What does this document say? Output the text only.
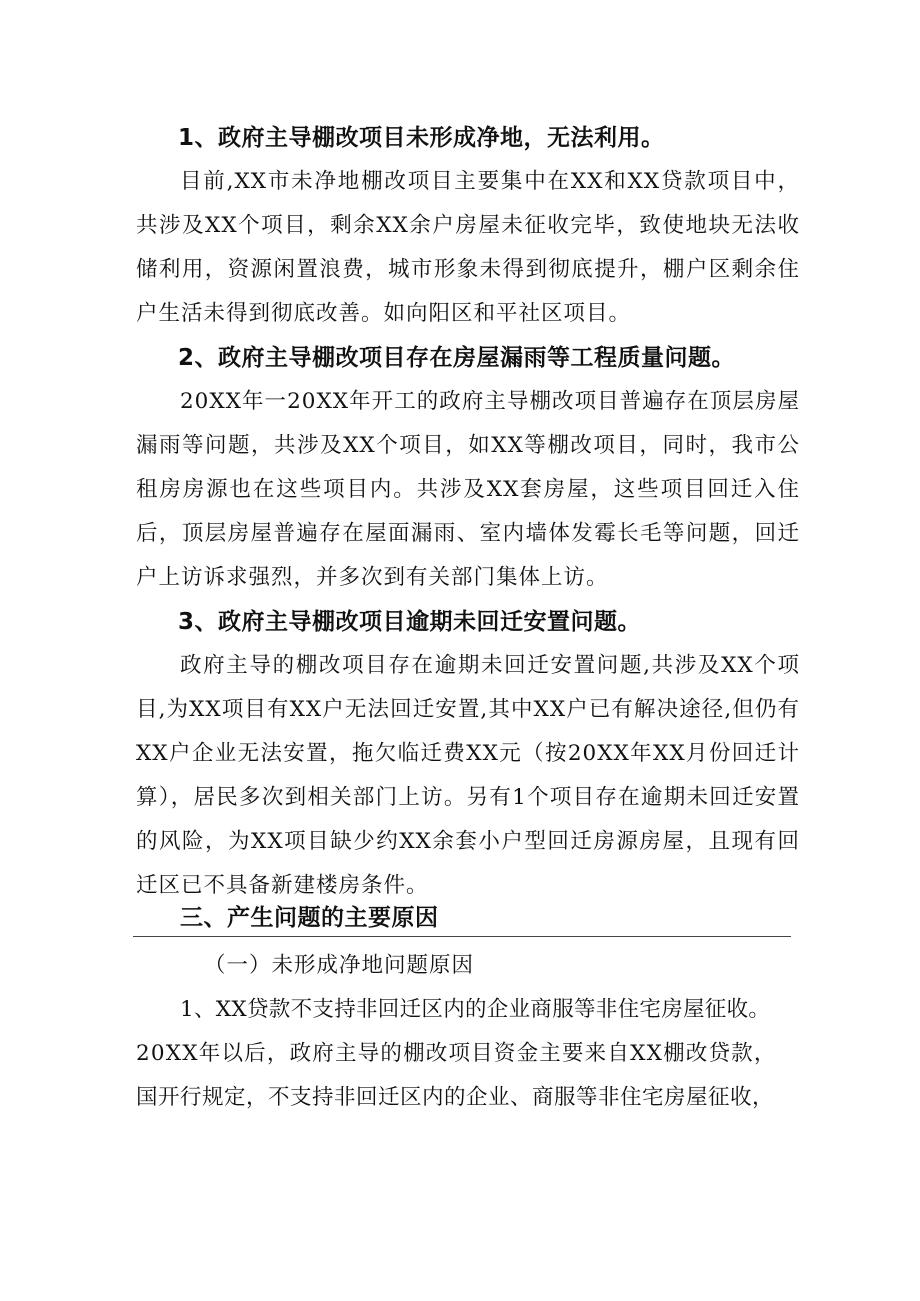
1、政府主导棚改项目未形成净地，无法利用。

目前,XX市未净地棚改项目主要集中在XX和XX贷款项目中，共涉及XX个项目，剩余XX余户房屋未征收完毕，致使地块无法收储利用，资源闲置浪费，城市形象未得到彻底提升，棚户区剩余住户生活未得到彻底改善。如向阳区和平社区项目。

2、政府主导棚改项目存在房屋漏雨等工程质量问题。

20XX年一20XX年开工的政府主导棚改项目普遍存在顶层房屋漏雨等问题，共涉及XX个项目，如XX等棚改项目，同时，我市公租房房源也在这些项目内。共涉及XX套房屋，这些项目回迁入住后，顶层房屋普遍存在屋面漏雨、室内墙体发霉长毛等问题，回迁户上访诉求强烈，并多次到有关部门集体上访。

3、政府主导棚改项目逾期未回迁安置问题。

政府主导的棚改项目存在逾期未回迁安置问题,共涉及XX个项目,为XX项目有XX户无法回迁安置,其中XX户已有解决途径,但仍有XX户企业无法安置，拖欠临迁费XX元（按20XX年XX月份回迁计算），居民多次到相关部门上访。另有1个项目存在逾期未回迁安置的风险，为XX项目缺少约XX余套小户型回迁房源房屋，且现有回迁区已不具备新建楼房条件。

三、产生问题的主要原因
（一）未形成净地问题原因
1、XX贷款不支持非回迁区内的企业商服等非住宅房屋征收。
20XX年以后，政府主导的棚改项目资金主要来自XX棚改贷款，
国开行规定，不支持非回迁区内的企业、商服等非住宅房屋征收，
